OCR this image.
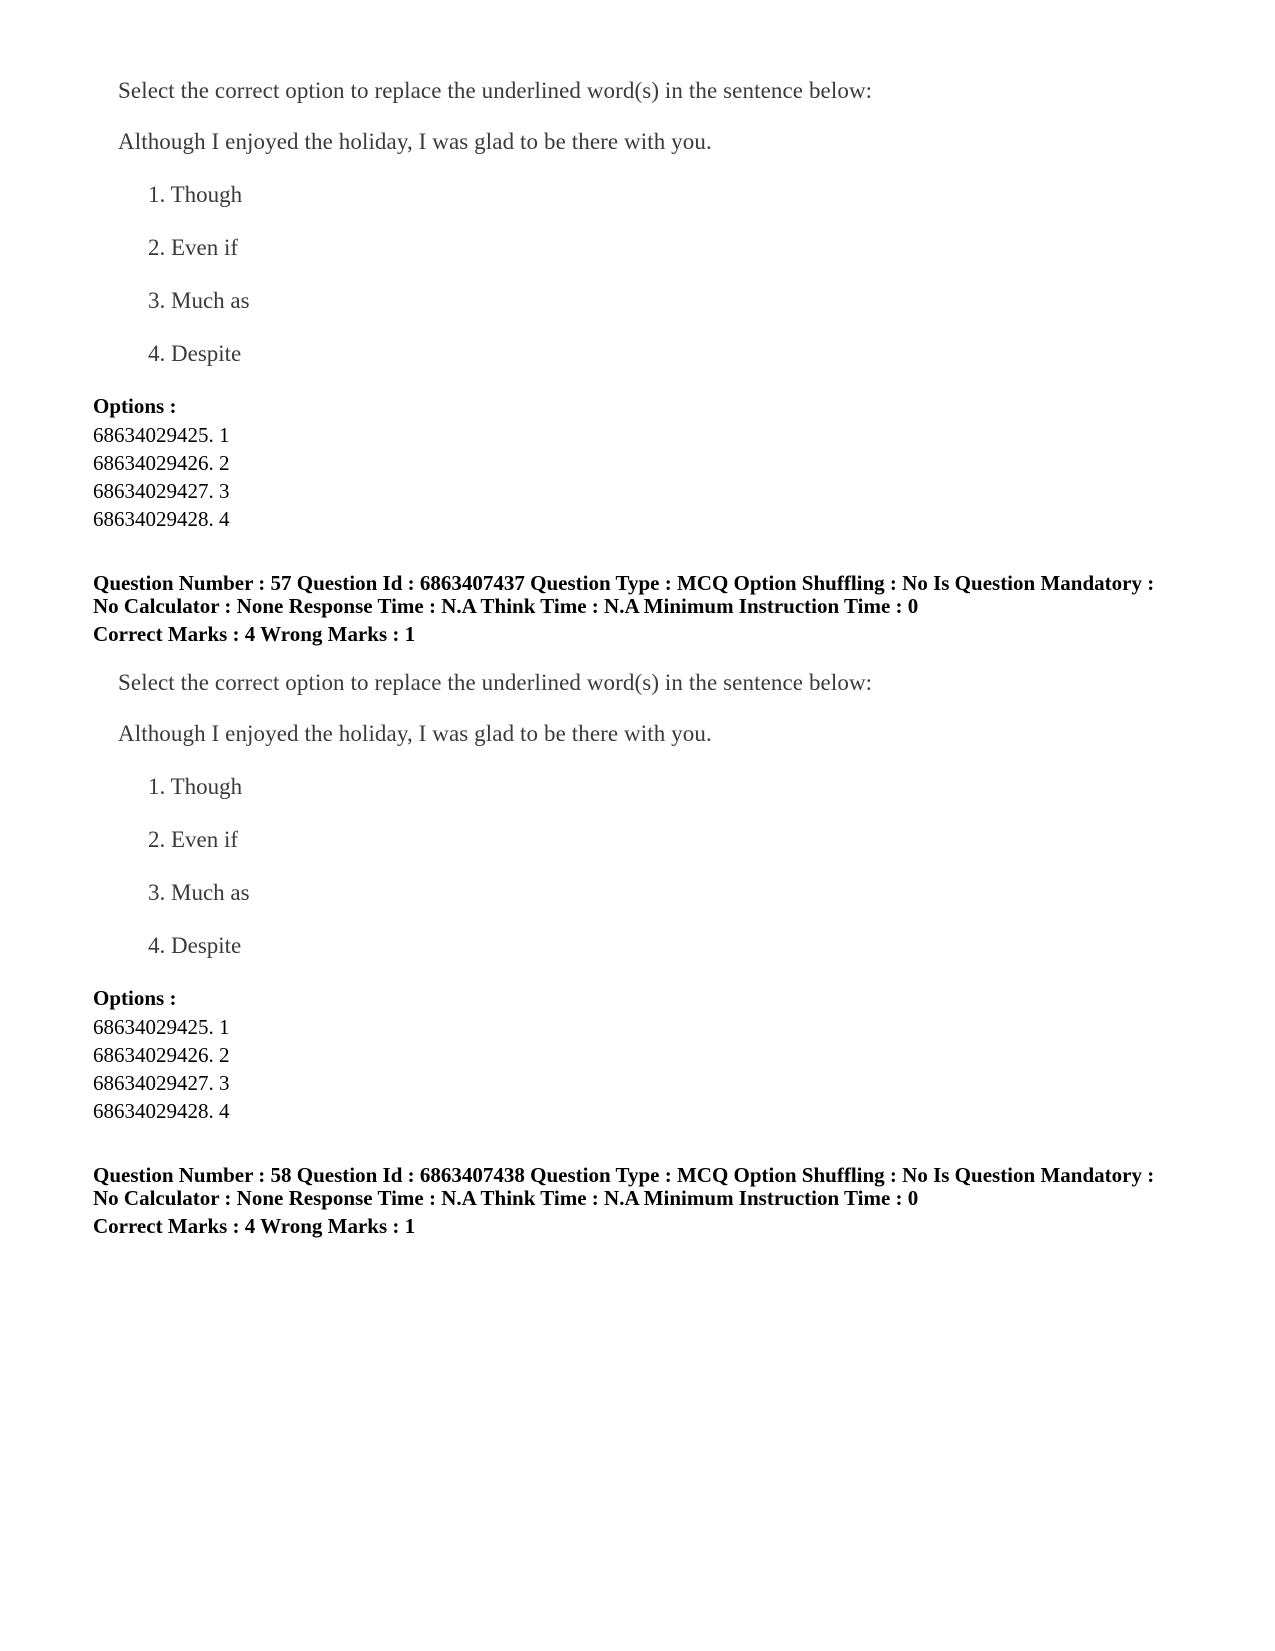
Select the correct option to replace the underlined word(s) in the sentence below:
Although I enjoyed the holiday, I was glad to be there with you.
1. Though
2. Even if
3. Much as
4. Despite
Options :
68634029425. 1
68634029426. 2
68634029427. 3
68634029428. 4
Question Number : 57 Question Id : 6863407437 Question Type : MCQ Option Shuffling : No Is Question Mandatory :
No Calculator : None Response Time : N.A Think Time : N.A Minimum Instruction Time : 0
Correct Marks : 4 Wrong Marks : 1
Select the correct option to replace the underlined word(s) in the sentence below:
Although I enjoyed the holiday, I was glad to be there with you.
1. Though
2. Even if
3. Much as
4. Despite
Options :
68634029425. 1
68634029426. 2
68634029427. 3
68634029428. 4
Question Number : 58 Question Id : 6863407438 Question Type : MCQ Option Shuffling : No Is Question Mandatory :
No Calculator : None Response Time : N.A Think Time : N.A Minimum Instruction Time : 0
Correct Marks : 4 Wrong Marks : 1
